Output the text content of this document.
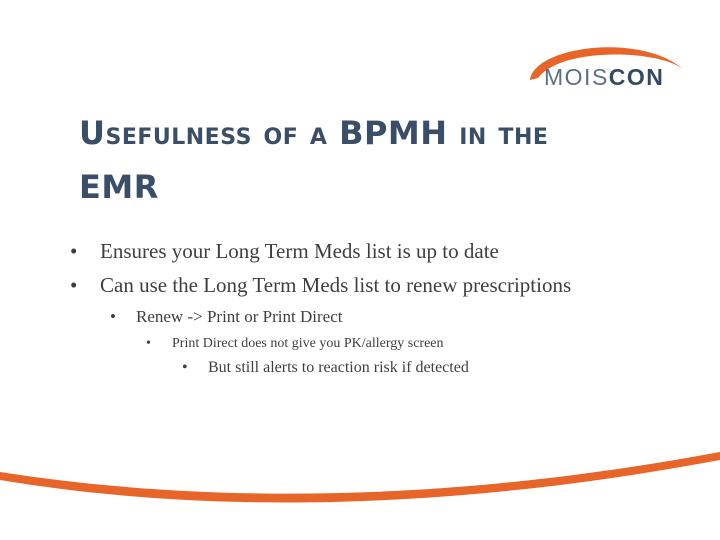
MOISCON
Usefulness of a BPMH in the
EMR
• Ensures your Long Term Meds list is up to date
• Can use the Long Term Meds list to renew prescriptions
• Renew -> Print or Print Direct
• Print Direct does not give you PK/allergy screen
• But still alerts to reaction risk if detected
